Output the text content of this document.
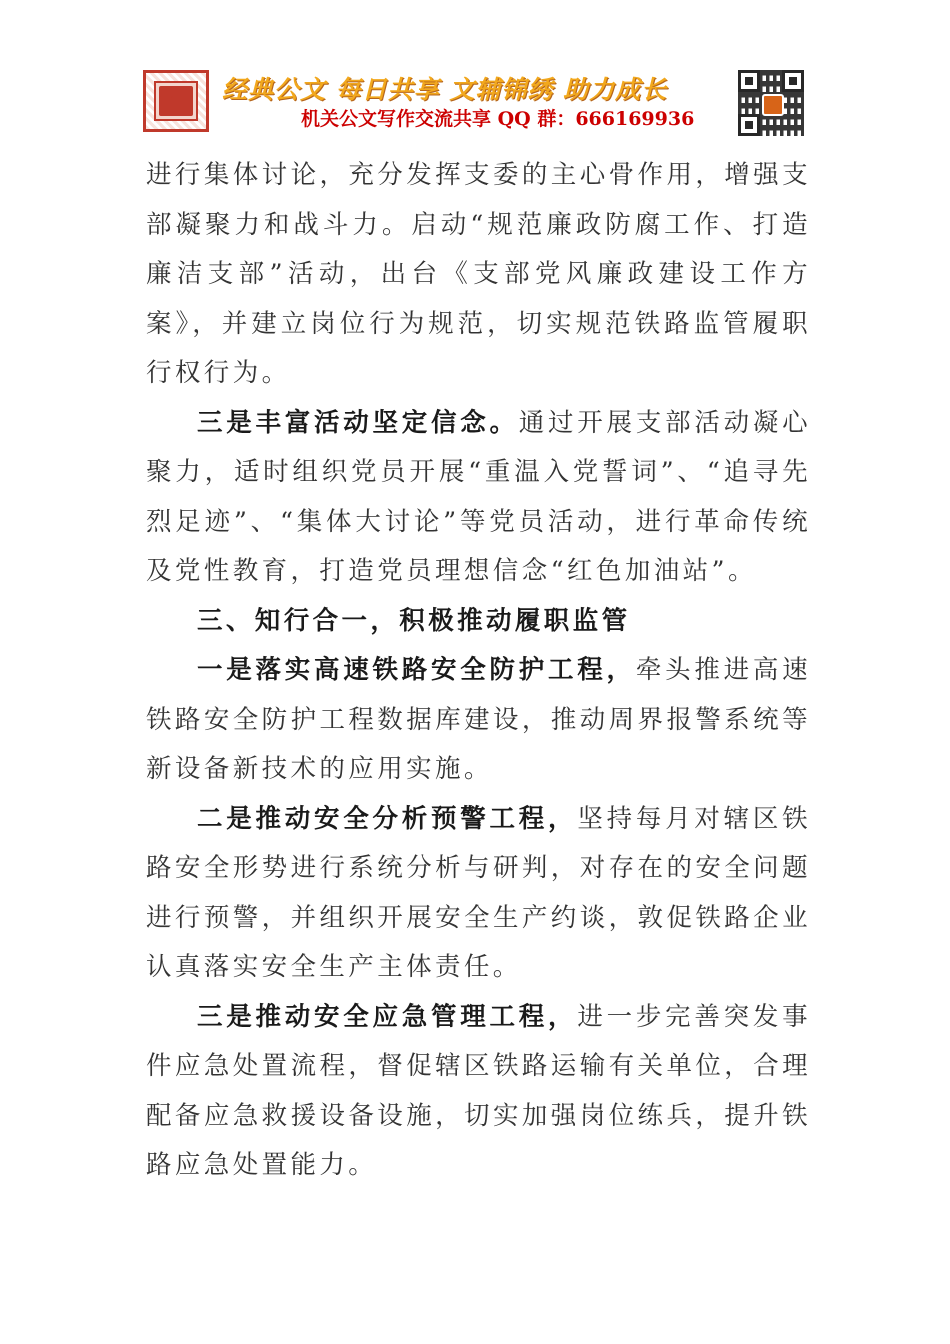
经典公文 每日共享 文辅锦绣 助力成长
机关公文写作交流共享 QQ 群：666169936

进行集体讨论，充分发挥支委的主心骨作用，增强支部凝聚力和战斗力。启动“规范廉政防腐工作、打造廉洁支部”活动，出台《支部党风廉政建设工作方案》，并建立岗位行为规范，切实规范铁路监管履职行权行为。

三是丰富活动坚定信念。通过开展支部活动凝心聚力，适时组织党员开展“重温入党誓词”、“追寻先烈足迹”、“集体大讨论”等党员活动，进行革命传统及党性教育，打造党员理想信念“红色加油站”。

三、知行合一，积极推动履职监管

一是落实高速铁路安全防护工程，牵头推进高速铁路安全防护工程数据库建设，推动周界报警系统等新设备新技术的应用实施。

二是推动安全分析预警工程，坚持每月对辖区铁路安全形势进行系统分析与研判，对存在的安全问题进行预警，并组织开展安全生产约谈，敦促铁路企业认真落实安全生产主体责任。

三是推动安全应急管理工程，进一步完善突发事件应急处置流程，督促辖区铁路运输有关单位，合理配备应急救援设备设施，切实加强岗位练兵，提升铁路应急处置能力。
